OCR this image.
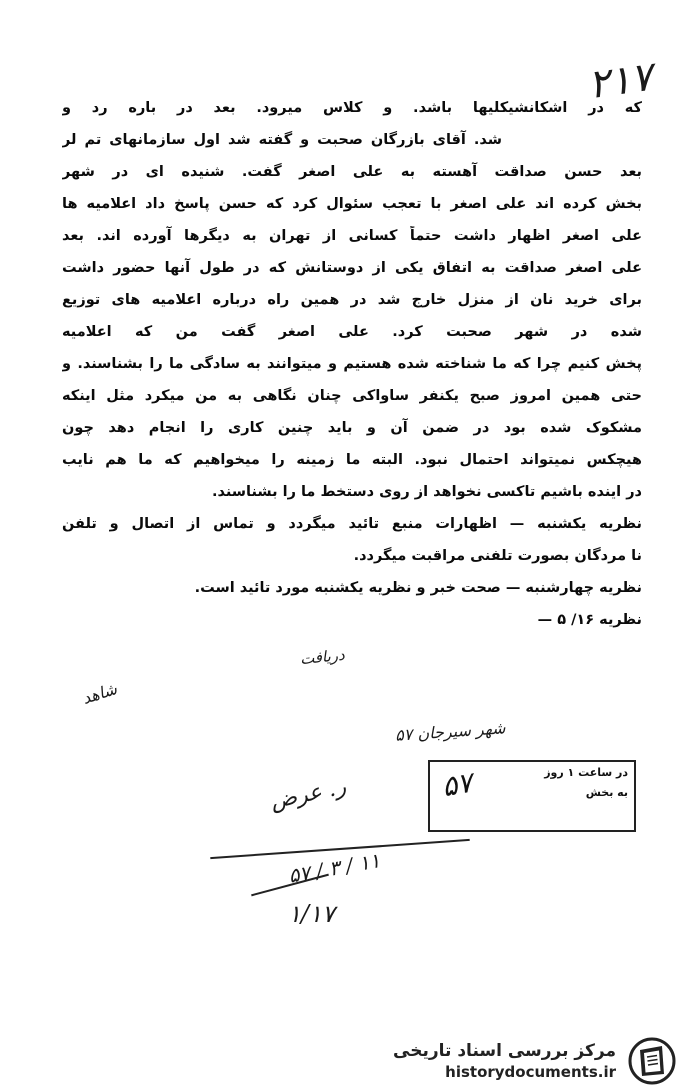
۲۱۷
که در اشکانشیکلیها باشد. و کلاس میرود. بعد در باره رد و
شد. آقای بازرگان صحبت و گفته شد اول سازمانهای تم لر
بعد حسن صداقت آهسته به علی اصغر گفت. شنیده ای در شهر
بخش کرده اند علی اصغر با تعجب سئوال کرد که حسن پاسخ داد اعلامیه ها
علی اصغر اظهار داشت حتماً کسانی از تهران به دیگرها آورده اند. بعد
علی اصغر صداقت به اتفاق یکی از دوستانش که در طول آنها حضور داشت
برای خرید نان از منزل خارج شد در همین راه درباره اعلامیه های توزیع
شده در شهر صحبت کرد. علی اصغر گفت من که اعلامیه
پخش کنیم چرا که ما شناخته شده هستیم و میتوانند به سادگی ما را بشناسند. و
حتی همین امروز صبح یکنفر ساواکی چنان نگاهی به من میکرد مثل اینکه
مشکوک شده بود در ضمن آن و باید چنین کاری را انجام دهد چون
هیچکس نمیتواند احتمال نبود. البته ما زمینه را میخواهیم که ما هم نایب
در اینده باشیم تاکسی نخواهد از روی دستخط ما را بشناسند.
نظریه یکشنبه — اظهارات منبع تائید میگردد و تماس از اتصال و تلفن
نا مردگان بصورت تلفنی مراقبت میگردد.
نظریه چهارشنبه — صحت خبر و نظریه یکشنبه مورد تائید است.
نظریه ۱۶/ ۵ —
دریافت
شاهد
۵۷ شهر سیرجان
در ساعت ۱ روز
به بخش
۵۷
ر. عرض
۵۷ / ۳ / ۱۱
۱/۱۷
مرکز بررسی اسناد تاریخی
historydocuments.ir
